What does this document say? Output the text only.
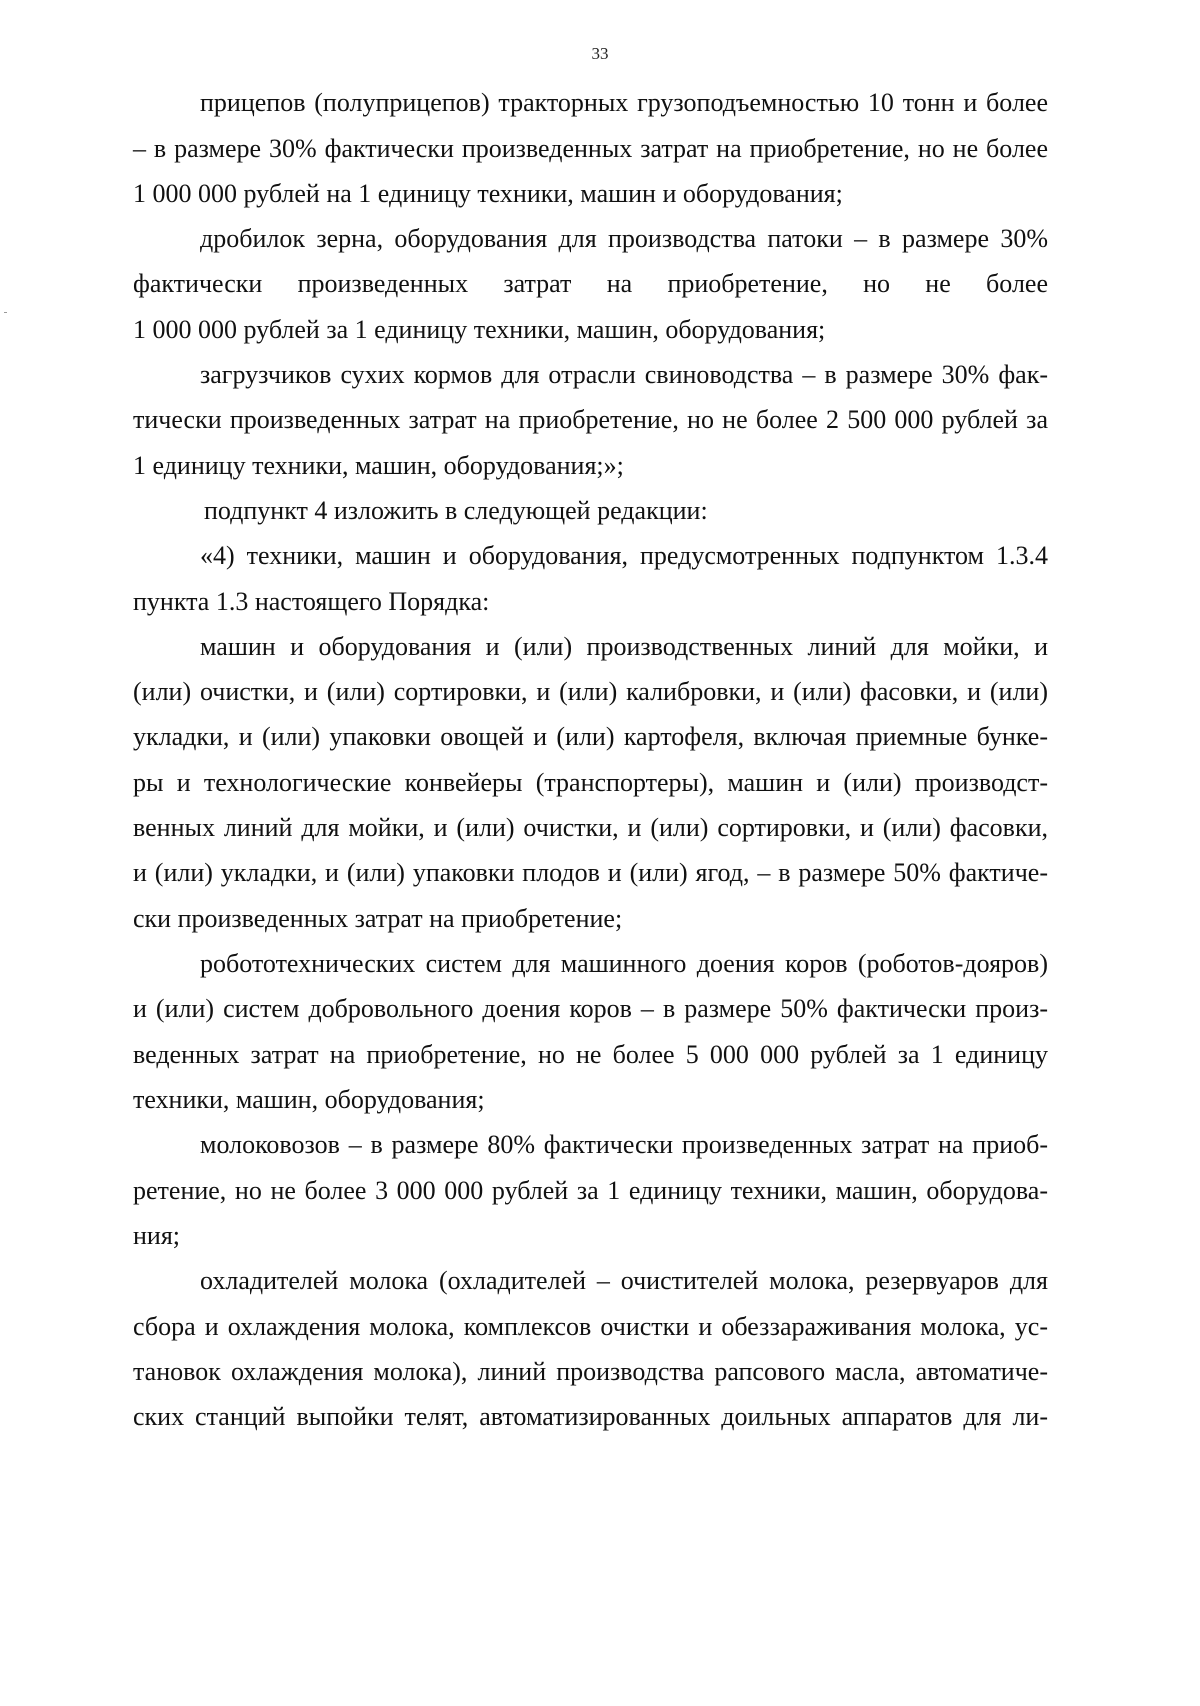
33

прицепов (полуприцепов) тракторных грузоподъемностью 10 тонн и более

– в размере 30% фактически произведенных затрат на приобретение, но не более

1 000 000 рублей на 1 единицу техники, машин и оборудования;

дробилок зерна, оборудования для производства патоки – в размере 30%

фактически произведенных затрат на приобретение, но не более

1 000 000 рублей за 1 единицу техники, машин, оборудования;

загрузчиков сухих кормов для отрасли свиноводства – в размере 30% фак-

тически произведенных затрат на приобретение, но не более 2 500 000 рублей за

1 единицу техники, машин, оборудования;»;

подпункт 4 изложить в следующей редакции:

«4) техники, машин и оборудования, предусмотренных подпунктом 1.3.4

пункта 1.3 настоящего Порядка:

машин и оборудования и (или) производственных линий для мойки, и

(или) очистки, и (или) сортировки, и (или) калибровки, и (или) фасовки, и (или)

укладки, и (или) упаковки овощей и (или) картофеля, включая приемные бунке-

ры и технологические конвейеры (транспортеры), машин и (или) производст-

венных линий для мойки, и (или) очистки, и (или) сортировки, и (или) фасовки,

и (или) укладки, и (или) упаковки плодов и (или) ягод, – в размере 50% фактиче-

ски произведенных затрат на приобретение;

робототехнических систем для машинного доения коров (роботов-дояров)

и (или) систем добровольного доения коров – в размере 50% фактически произ-

веденных затрат на приобретение, но не более 5 000 000 рублей за 1 единицу

техники, машин, оборудования;

молоковозов – в размере 80% фактически произведенных затрат на приоб-

ретение, но не более 3 000 000 рублей за 1 единицу техники, машин, оборудова-

ния;

охладителей молока (охладителей – очистителей молока, резервуаров для

сбора и охлаждения молока, комплексов очистки и обеззараживания молока, ус-

тановок охлаждения молока), линий производства рапсового масла, автоматиче-

ских станций выпойки телят, автоматизированных доильных аппаратов для ли-
